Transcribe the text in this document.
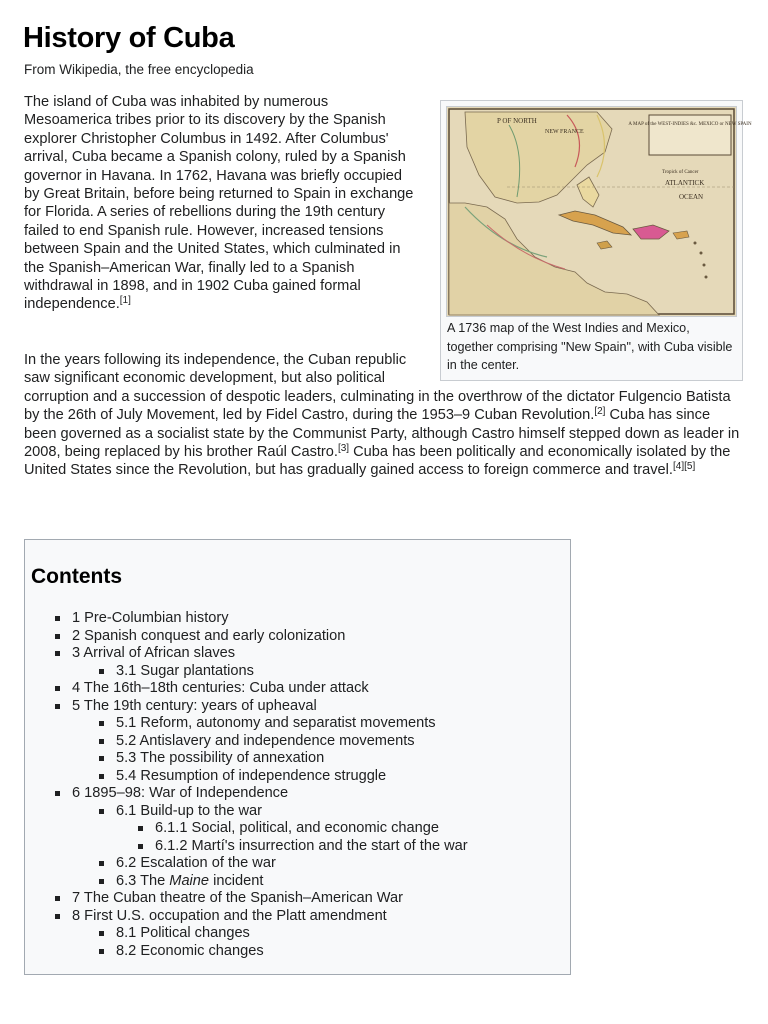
History of Cuba
From Wikipedia, the free encyclopedia

The island of Cuba was inhabited by numerous Mesoamerica tribes prior to its discovery by the Spanish explorer Christopher Columbus in 1492. After Columbus' arrival, Cuba became a Spanish colony, ruled by a Spanish governor in Havana. In 1762, Havana was briefly occupied by Great Britain, before being returned to Spain in exchange for Florida. A series of rebellions during the 19th century failed to end Spanish rule. However, increased tensions between Spain and the United States, which culminated in the Spanish–American War, finally led to a Spanish withdrawal in 1898, and in 1902 Cuba gained formal independence.[1]

In the years following its independence, the Cuban republic saw significant economic development, but also political corruption and a succession of despotic leaders, culminating in the overthrow of the dictator Fulgencio Batista by the 26th of July Movement, led by Fidel Castro, during the 1953–9 Cuban Revolution.[2] Cuba has since been governed as a socialist state by the Communist Party, although Castro himself stepped down as leader in 2008, being replaced by his brother Raúl Castro.[3] Cuba has been politically and economically isolated by the United States since the Revolution, but has gradually gained access to foreign commerce and travel.[4][5]

A MAP of the WEST-INDIES &c. MEXICO or NEW SPAIN
P OF NORTH
NEW FRANCE
Tropick of Cancer
ATLANTICK
OCEAN
A 1736 map of the West Indies and Mexico, together comprising "New Spain", with Cuba visible in the center.
Contents
1 Pre-Columbian history
2 Spanish conquest and early colonization
3 Arrival of African slaves
3.1 Sugar plantations
4 The 16th–18th centuries: Cuba under attack
5 The 19th century: years of upheaval
5.1 Reform, autonomy and separatist movements
5.2 Antislavery and independence movements
5.3 The possibility of annexation
5.4 Resumption of independence struggle
6 1895–98: War of Independence
6.1 Build-up to the war
6.1.1 Social, political, and economic change
6.1.2 Martí's insurrection and the start of the war
6.2 Escalation of the war
6.3 The Maine incident
7 The Cuban theatre of the Spanish–American War
8 First U.S. occupation and the Platt amendment
8.1 Political changes
8.2 Economic changes
